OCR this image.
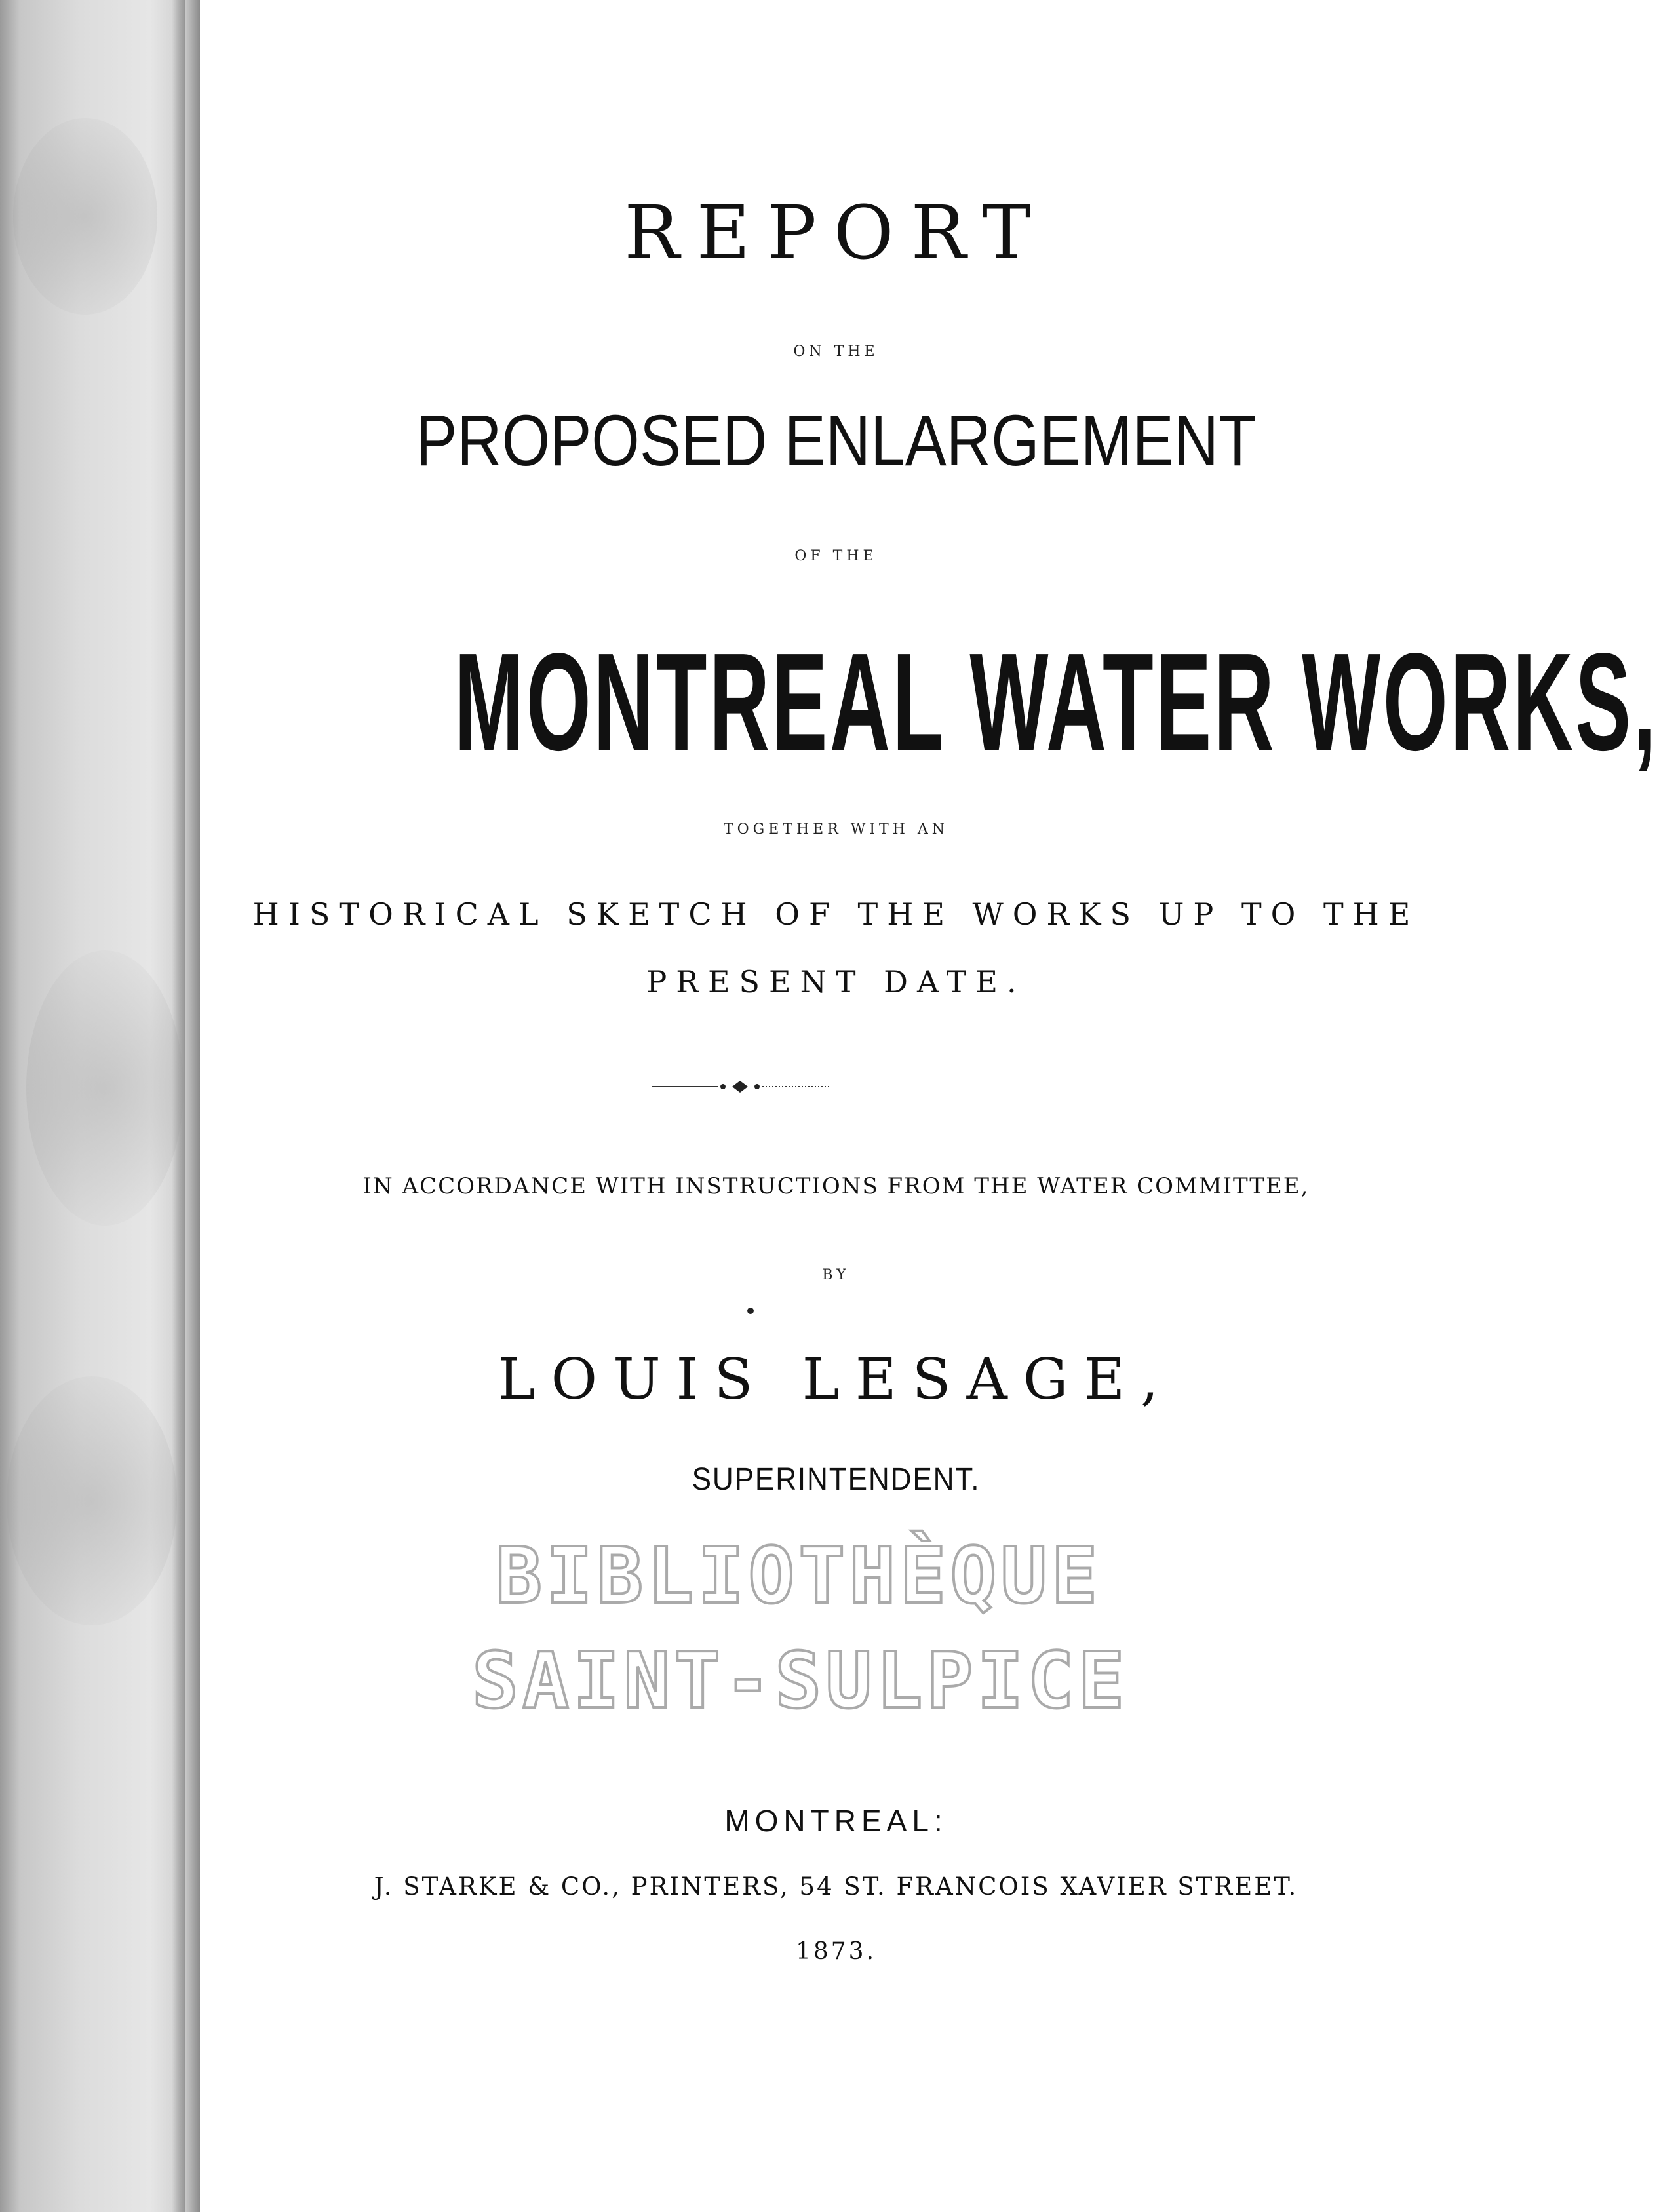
REPORT
ON THE
PROPOSED ENLARGEMENT
OF THE
MONTREAL WATER WORKS,
TOGETHER WITH AN
HISTORICAL SKETCH OF THE WORKS UP TO THE
PRESENT DATE.
IN ACCORDANCE WITH INSTRUCTIONS FROM THE WATER COMMITTEE,
BY
LOUIS LESAGE,
SUPERINTENDENT.
BIBLIOTHÈQUE
SAINT-SULPICE
MONTREAL:
J. STARKE & CO., PRINTERS, 54 ST. FRANCOIS XAVIER STREET.
1873.
